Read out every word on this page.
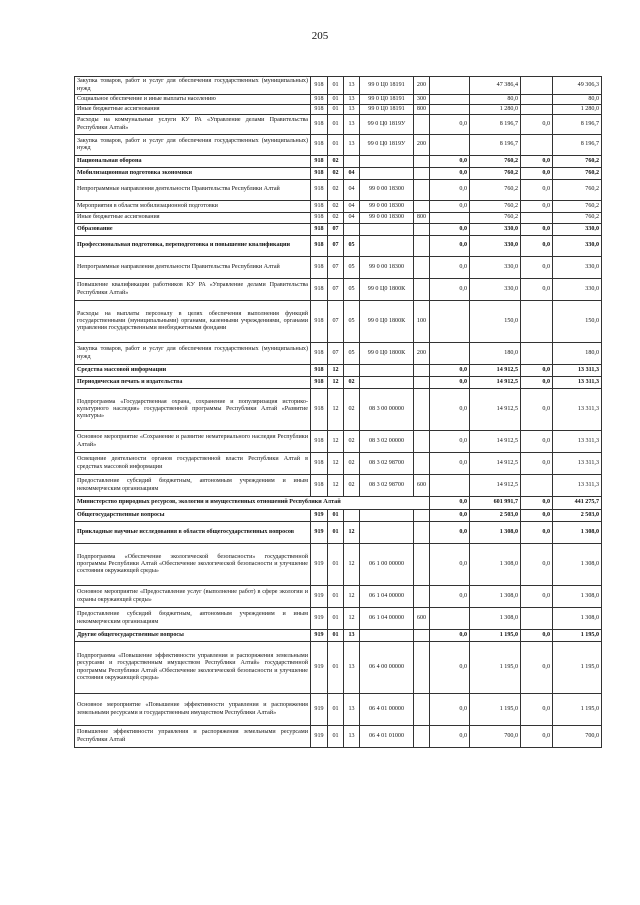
205
Закупка товаров, работ и услуг для обеспечения государственных (муниципальных) нужд	918	01	13	99 0 Ц0 18191	200		47 386,4		49 306,3
Социальное обеспечение и иные выплаты населению	918	01	13	99 0 Ц0 18191	300		80,0		80,0
Иные бюджетные ассигнования	918	01	13	99 0 Ц0 18191	800		1 280,0		1 280,0
Расходы на коммунальные услуги КУ РА «Управление делами Правительства Республики Алтай»	918	01	13	99 0 Ц0 1819У		0,0	8 196,7	0,0	8 196,7
Закупка товаров, работ и услуг для обеспечения государственных (муниципальных) нужд	918	01	13	99 0 Ц0 1819У	200		8 196,7		8 196,7
Национальная оборона	918	02				0,0	760,2	0,0	760,2
Мобилизационная подготовка экономики	918	02	04			0,0	760,2	0,0	760,2
Непрограммные направления деятельности Правительства Республики Алтай	918	02	04	99 0 00 18300		0,0	760,2	0,0	760,2
Мероприятия в области мобилизационной подготовки	918	02	04	99 0 00 18300		0,0	760,2	0,0	760,2
Иные бюджетные ассигнования	918	02	04	99 0 00 18300	800		760,2		760,2
Образование	918	07				0,0	330,0	0,0	330,0
Профессиональная подготовка, переподготовка и повышение квалификации	918	07	05			0,0	330,0	0,0	330,0
Непрограммные направления деятельности Правительства Республики Алтай	918	07	05	99 0 00 18300		0,0	330,0	0,0	330,0
Повышение квалификации работников КУ РА «Управление делами Правительства Республики Алтай»	918	07	05	99 0 Ц0 1800К		0,0	330,0	0,0	330,0
Расходы на выплаты персоналу в целях обеспечения выполнения функций государственными (муниципальными) органами, казенными учреждениями, органами управления государственными внебюджетными фондами	918	07	05	99 0 Ц0 1800К	100		150,0		150,0
Закупка товаров, работ и услуг для обеспечения государственных (муниципальных) нужд	918	07	05	99 0 Ц0 1800К	200		180,0		180,0
Средства массовой информации	918	12				0,0	14 912,5	0,0	13 311,3
Периодическая печать и издательства	918	12	02			0,0	14 912,5	0,0	13 311,3
Подпрограмма «Государственная охрана, сохранение и популяризация историко-культурного наследия» государственной программы Республики Алтай «Развитие культуры»	918	12	02	08 3 00 00000		0,0	14 912,5	0,0	13 311,3
Основное мероприятие «Сохранение и развитие нематериального наследия Республики Алтай»	918	12	02	08 3 02 00000		0,0	14 912,5	0,0	13 311,3
Освещение деятельности органов государственной власти Республики Алтай в средствах массовой информации	918	12	02	08 3 02 98700		0,0	14 912,5	0,0	13 311,3
Предоставление субсидий бюджетным, автономным учреждениям и иным некоммерческим организациям	918	12	02	08 3 02 98700	600		14 912,5		13 311,3
Министерство природных ресурсов, экологии и имущественных отношений Республики Алтай						0,0	601 991,7	0,0	441 275,7
Общегосударственные вопросы	919	01				0,0	2 503,0	0,0	2 503,0
Прикладные научные исследования в области общегосударственных вопросов	919	01	12			0,0	1 308,0	0,0	1 308,0
Подпрограмма «Обеспечение экологической безопасности» государственной программы Республики Алтай «Обеспечение экологической безопасности и улучшение состояния окружающей среды»	919	01	12	06 1 00 00000		0,0	1 308,0	0,0	1 308,0
Основное мероприятие «Предоставление услуг (выполнение работ) в сфере экологии и охраны окружающей среды»	919	01	12	06 1 04 00000		0,0	1 308,0	0,0	1 308,0
Предоставление субсидий бюджетным, автономным учреждениям и иным некоммерческим организациям	919	01	12	06 1 04 00000	600		1 308,0		1 308,0
Другие общегосударственные вопросы	919	01	13			0,0	1 195,0	0,0	1 195,0
Подпрограмма «Повышение эффективности управления и распоряжения земельными ресурсами и государственным имуществом Республики Алтай» государственной программы Республики Алтай «Обеспечение экологической безопасности и улучшение состояния окружающей среды»	919	01	13	06 4 00 00000		0,0	1 195,0	0,0	1 195,0
Основное мероприятие «Повышение эффективности управления и распоряжения земельными ресурсами и государственным имуществом Республики Алтай»	919	01	13	06 4 01 00000		0,0	1 195,0	0,0	1 195,0
Повышение эффективности управления и распоряжения земельными ресурсами Республики Алтай	919	01	13	06 4 01 01000		0,0	700,0	0,0	700,0
